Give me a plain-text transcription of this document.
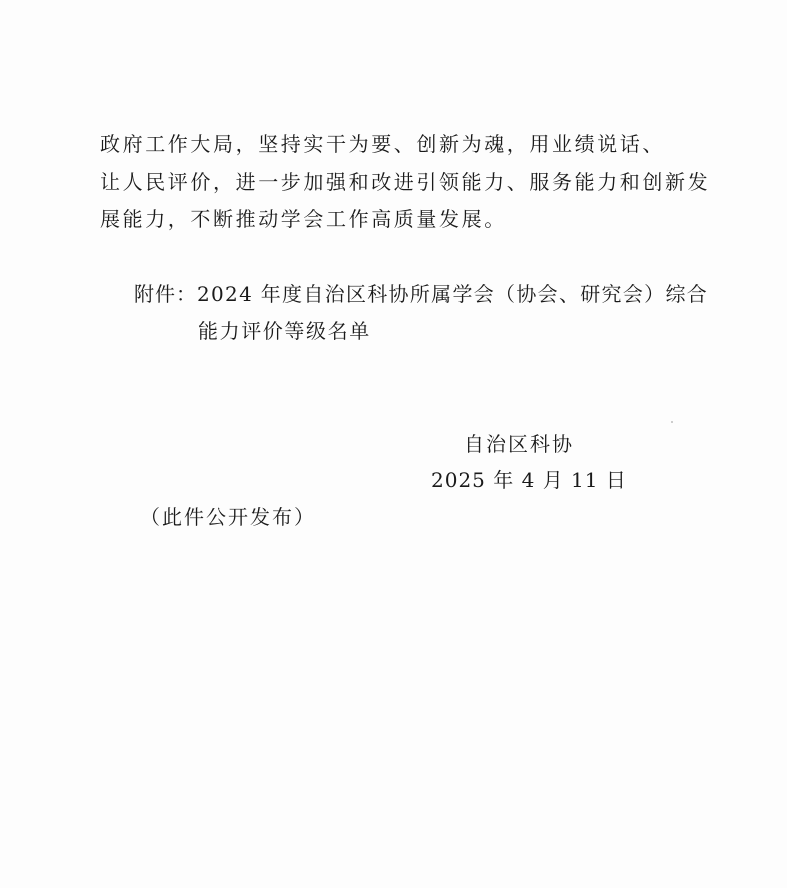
政府工作大局，坚持实干为要、创新为魂，用业绩说话、
让人民评价，进一步加强和改进引领能力、服务能力和创新发
展能力，不断推动学会工作高质量发展。
附件： 2024 年度自治区科协所属学会（协会、研究会）综合
能力评价等级名单
自治区科协
2025 年 4 月 11 日
（此件公开发布）
